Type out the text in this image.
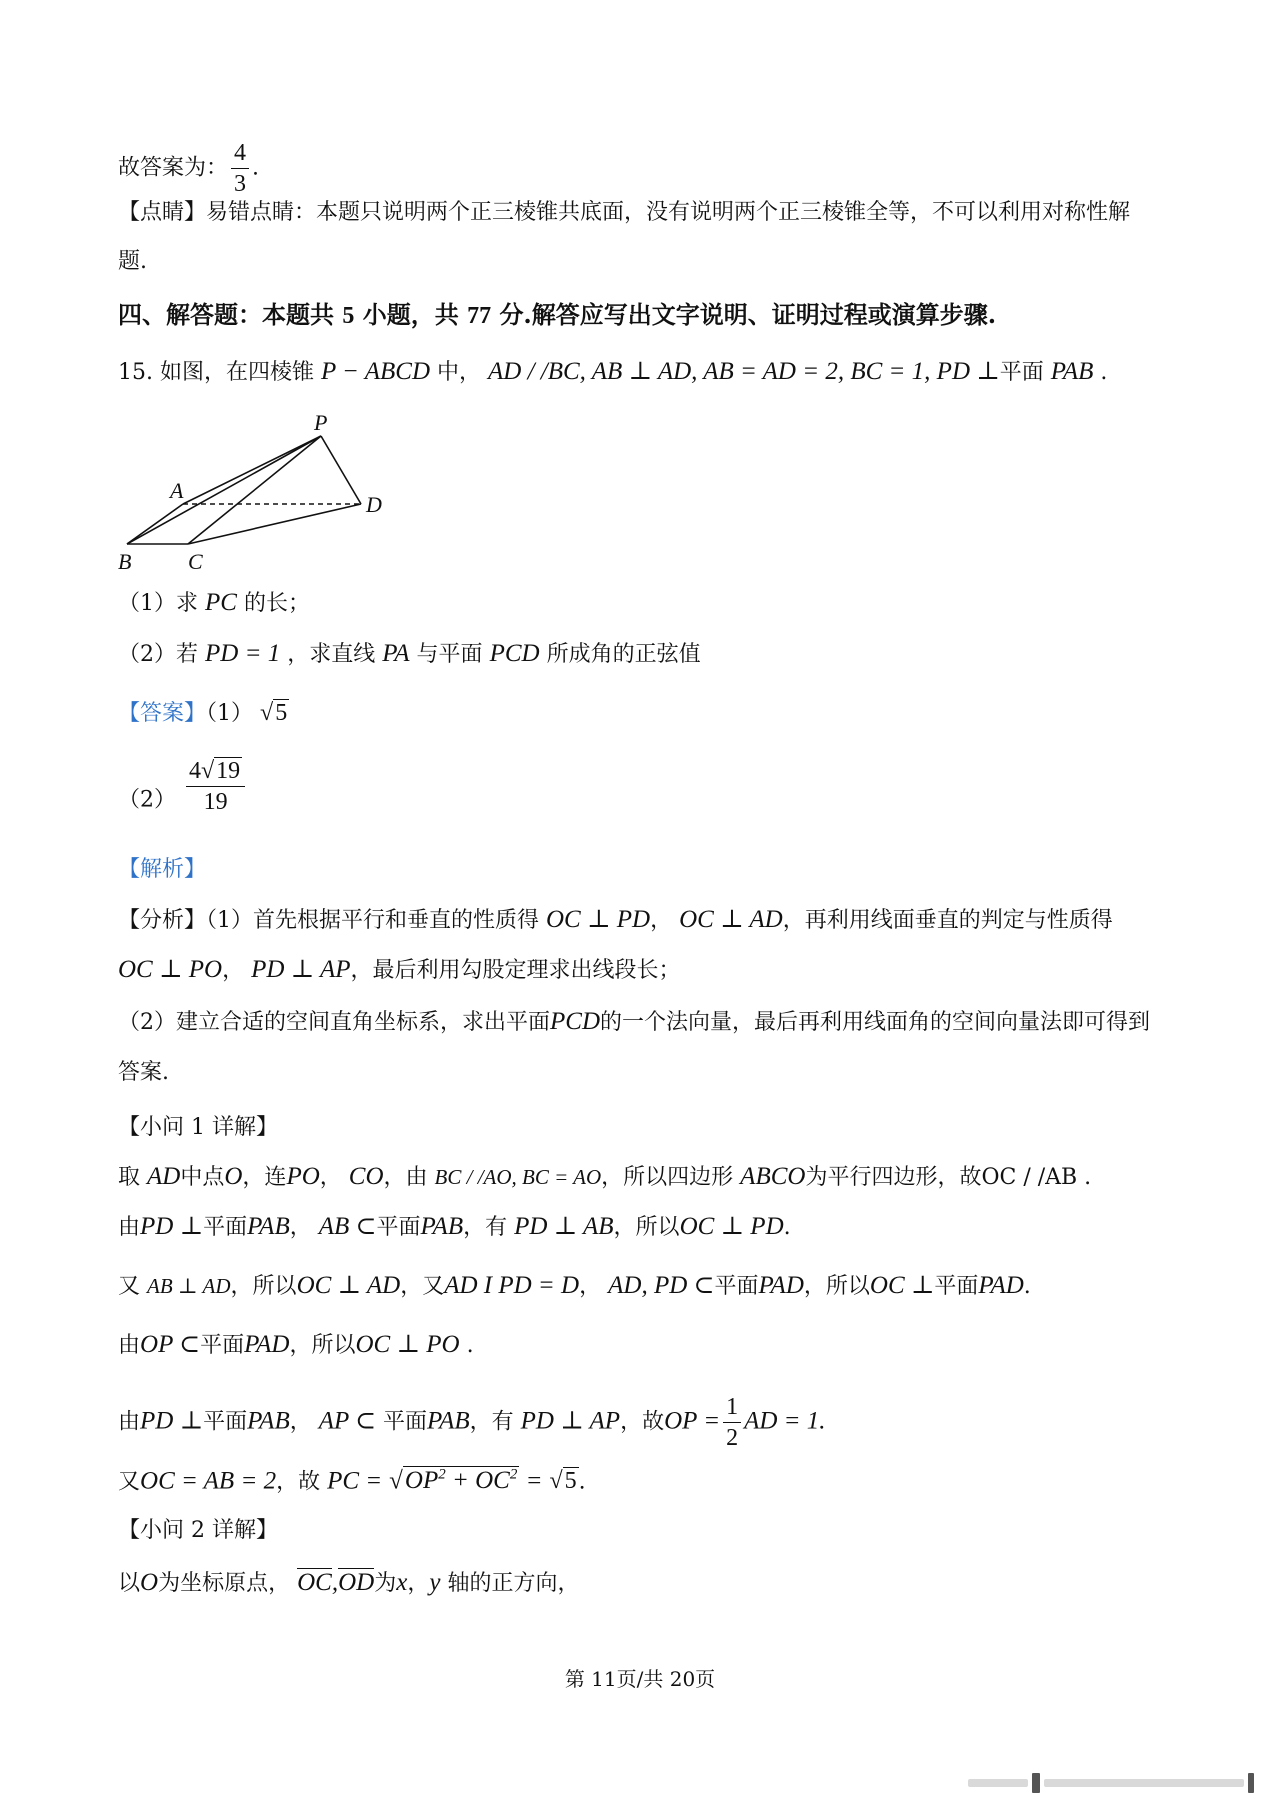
故答案为： $\frac{4}{3}$ .
【点睛】易错点睛：本题只说明两个正三棱锥共底面，没有说明两个正三棱锥全等，不可以利用对称性解
题.
四、解答题：本题共 5 小题，共 77 分.解答应写出文字说明、证明过程或演算步骤.
15. 如图，在四棱锥 P − ABCD 中， AD / /BC, AB ⊥ AD, AB = AD = 2, BC = 1, PD ⊥平面 PAB .
P
A
D
B	C
（1）求 PC 的长；
（2）若 PD = 1 ，求直线 PA 与平面 PCD 所成角的正弦值
【答案】（1） √5
$(2) \frac{4√19}{19}$
【解析】
【分析】（1）首先根据平行和垂直的性质得 OC ⊥ PD， OC ⊥ AD，再利用线面垂直的判定与性质得
OC ⊥ PO， PD ⊥ AP，最后利用勾股定理求出线段长；
（2）建立合适的空间直角坐标系，求出平面PCD的一个法向量，最后再利用线面角的空间向量法即可得到
答案.
【小问 1 详解】
取 AD中点O，连PO， CO，由 BC / /AO, BC = AO，所以四边形 ABCO为平行四边形，故OC / /AB .
由PD ⊥平面PAB， AB ⊂平面PAB，有 PD ⊥ AB，所以OC ⊥ PD.
又 AB ⊥ AD，所以OC ⊥ AD，又AD I PD = D， AD, PD ⊂平面PAD，所以OC ⊥平面PAD.
由OP ⊂平面PAD，所以OC ⊥ PO .
由PD ⊥平面PAB， AP ⊂ 平面PAB，有 PD ⊥ AP，故OP = $\frac{1}{2}$ AD = 1.
又OC = AB = 2，故 PC = $√OP^2 + OC^2 = √5$.
【小问 2 详解】
以O为坐标原点， OC,OD为x，y 轴的正方向，
第 11页/共 20页
